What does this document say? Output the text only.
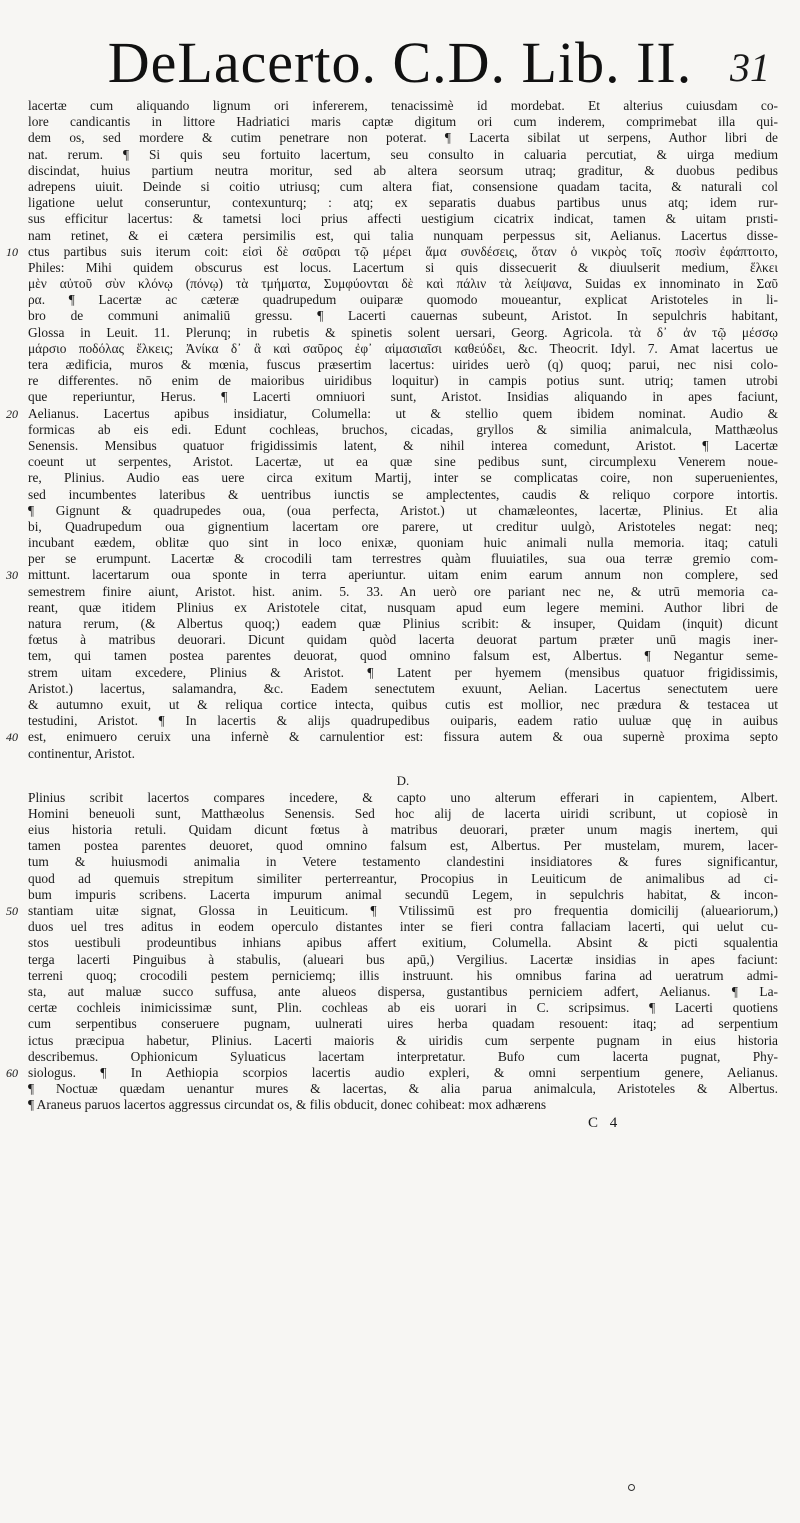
DeLacerto. C.D. Lib. II. 31
lacertæ cum aliquando lignum ori infererem, tenacissimè id mordebat. Et alterius cuiusdam co-
lore candicantis in littore Hadriatici maris captæ digitum ori cum inderem, comprimebat illa qui-
dem os, sed mordere & cutim penetrare non poterat. ¶ Lacerta sibilat ut serpens, Author libri de
nat. rerum. ¶ Si quis seu fortuito lacertum, seu consulto in caluaria percutiat, & uirga medium
discindat, huius partium neutra moritur, sed ab altera seorsum utraq; graditur, & duobus pedibus
adrepens uiuit. Deinde si coitio utriusq; cum altera fiat, consensione quadam tacita, & naturali col
ligatione uelut conseruntur, contexunturq; : atq; ex separatis duabus partibus unus atq; idem rur-
sus efficitur lacertus: & tametsi loci prius affecti uestigium cicatrix indicat, tamen & uitam prısti-
nam retinet, & ei cætera persimilis est, qui talia nunquam perpessus sit, Aelianus. Lacertus disse-
ctus partibus suis iterum coit: εἰσὶ δὲ σαῦραι τῷ μέρει ἅμα συνδέσεις, ὅταν ὁ νικρὸς τοῖς ποσὶν ἐφάπτοιτο,
10
Philes: Mihi quidem obscurus est locus. Lacertum si quis dissecuerit & diuulserit medium, ἕλκει
μὲν αὐτοῦ σὺν κλόνῳ (πόνῳ) τὰ τμήματα, Συμφύονται δὲ καὶ πάλιν τὰ λείψανα, Suidas ex innominato in Σαῦ
ρα. ¶ Lacertæ ac cæteræ quadrupedum ouiparæ quomodo moueantur, explicat Aristoteles in li-
bro de communi animaliū gressu. ¶ Lacerti cauernas subeunt, Aristot. In sepulchris habitant,
Glossa in Leuit. 11. Plerunq; in rubetis & spinetis solent uersari, Georg. Agricola. τὰ δ᾽ ἀν τῷ μέσσῳ
μάρσιο ποδόλας ἕλκεις; Ἀνίκα δ᾽ ἃ καὶ σαῦρος ἐφ᾽ αἱμασιαῖσι καθεύδει, &c. Theocrit. Idyl. 7. Amat lacertus ue
tera ædificia, muros & mœnia, fuscus præsertim lacertus: uirides uerò (q) quoq; parui, nec nisi colo-
re differentes. nō enim de maioribus uiridibus loquitur) in campis potius sunt. utriq; tamen utrobi
que reperiuntur, Herus. ¶ Lacerti omniuori sunt, Aristot. Insidias aliquando in apes faciunt,
Aelianus. Lacertus apibus insidiatur, Columella: ut & stellio quem ibidem nominat. Audio &
20
formicas ab eis edi. Edunt cochleas, bruchos, cicadas, gryllos & similia animalcula, Matthæolus
Senensis. Mensibus quatuor frigidissimis latent, & nihil interea comedunt, Aristot. ¶ Lacertæ
coeunt ut serpentes, Aristot. Lacertæ, ut ea quæ sine pedibus sunt, circumplexu Venerem noue-
re, Plinius. Audio eas uere circa exitum Martij, inter se complicatas coire, non superuenientes,
sed incumbentes lateribus & uentribus iunctis se amplectentes, caudis & reliquo corpore intortis.
¶ Gignunt & quadrupedes oua, (oua perfecta, Aristot.) ut chamæleontes, lacertæ, Plinius. Et alia
bi, Quadrupedum oua gignentium lacertam ore parere, ut creditur uulgò, Aristoteles negat: neq;
incubant eædem, oblitæ quo sint in loco enixæ, quoniam huic animali nulla memoria. itaq; catuli
per se erumpunt. Lacertæ & crocodili tam terrestres quàm fluuiatiles, sua oua terræ gremio com-
mittunt. lacertarum oua sponte in terra aperiuntur. uitam enim earum annum non complere, sed
30
semestrem finire aiunt, Aristot. hist. anim. 5. 33. An uerò ore pariant nec ne, & utrū memoria ca-
reant, quæ itidem Plinius ex Aristotele citat, nusquam apud eum legere memini. Author libri de
natura rerum, (& Albertus quoq;) eadem quæ Plinius scribit: & insuper, Quidam (inquit) dicunt
fœtus à matribus deuorari. Dicunt quidam quòd lacerta deuorat partum præter unū magis iner-
tem, qui tamen postea parentes deuorat, quod omnino falsum est, Albertus. ¶ Negantur seme-
strem uitam excedere, Plinius & Aristot. ¶ Latent per hyemem (mensibus quatuor frigidissimis,
Aristot.) lacertus, salamandra, &c. Eadem senectutem exuunt, Aelian. Lacertus senectutem uere
& autumno exuit, ut & reliqua cortice intecta, quibus cutis est mollior, nec prædura & testacea ut
testudini, Aristot. ¶ In lacertis & alijs quadrupedibus ouiparis, eadem ratio uuluæ quę in auibus
est, enimuero ceruix una infernè & carnulentior est: fissura autem & oua supernè proxima septo
40
continentur, Aristot.
D.
Plinius scribit lacertos compares incedere, & capto uno alterum efferari in capientem, Albert.
Homini beneuoli sunt, Matthæolus Senensis. Sed hoc alij de lacerta uiridi scribunt, ut copiosè in
eius historia retuli. Quidam dicunt fœtus à matribus deuorari, præter unum magis inertem, qui
tamen postea parentes deuoret, quod omnino falsum est, Albertus. Per mustelam, murem, lacer-
tum & huiusmodi animalia in Vetere testamento clandestini insidiatores & fures significantur,
quod ad quemuis strepitum similiter perterreantur, Procopius in Leuiticum de animalibus ad ci-
bum impuris scribens. Lacerta impurum animal secundū Legem, in sepulchris habitat, & incon-
stantiam uitæ signat, Glossa in Leuiticum. ¶ Vtilissimū est pro frequentia domicilij (alueariorum,)
50
duos uel tres aditus in eodem operculo distantes inter se fieri contra fallaciam lacerti, qui uelut cu-
stos uestibuli prodeuntibus inhians apibus affert exitium, Columella. Absint & picti squalentia
terga lacerti Pinguibus à stabulis, (alueari bus apū,) Vergilius. Lacertæ insidias in apes faciunt:
terreni quoq; crocodili pestem perniciemq; illis instruunt. his omnibus farina ad ueratrum admi-
sta, aut maluæ succo suffusa, ante alueos dispersa, gustantibus perniciem adfert, Aelianus. ¶ La-
certæ cochleis inimicissimæ sunt, Plin. cochleas ab eis uorari in C. scripsimus. ¶ Lacerti quotiens
cum serpentibus conseruere pugnam, uulnerati uires herba quadam resouent: itaq; ad serpentium
ictus præcipua habetur, Plinius. Lacerti maioris & uiridis cum serpente pugnam in eius historia
describemus. Ophionicum Syluaticus lacertam interpretatur. Bufo cum lacerta pugnat, Phy-
siologus. ¶ In Aethiopia scorpios lacertis audio expleri, & omni serpentium genere, Aelianus.
60
¶ Noctuæ quædam uenantur mures & lacertas, & alia parua animalcula, Aristoteles & Albertus.
¶ Araneus paruos lacertos aggressus circundat os, & filis obducit, donec cohibeat: mox adhærens
C 4
